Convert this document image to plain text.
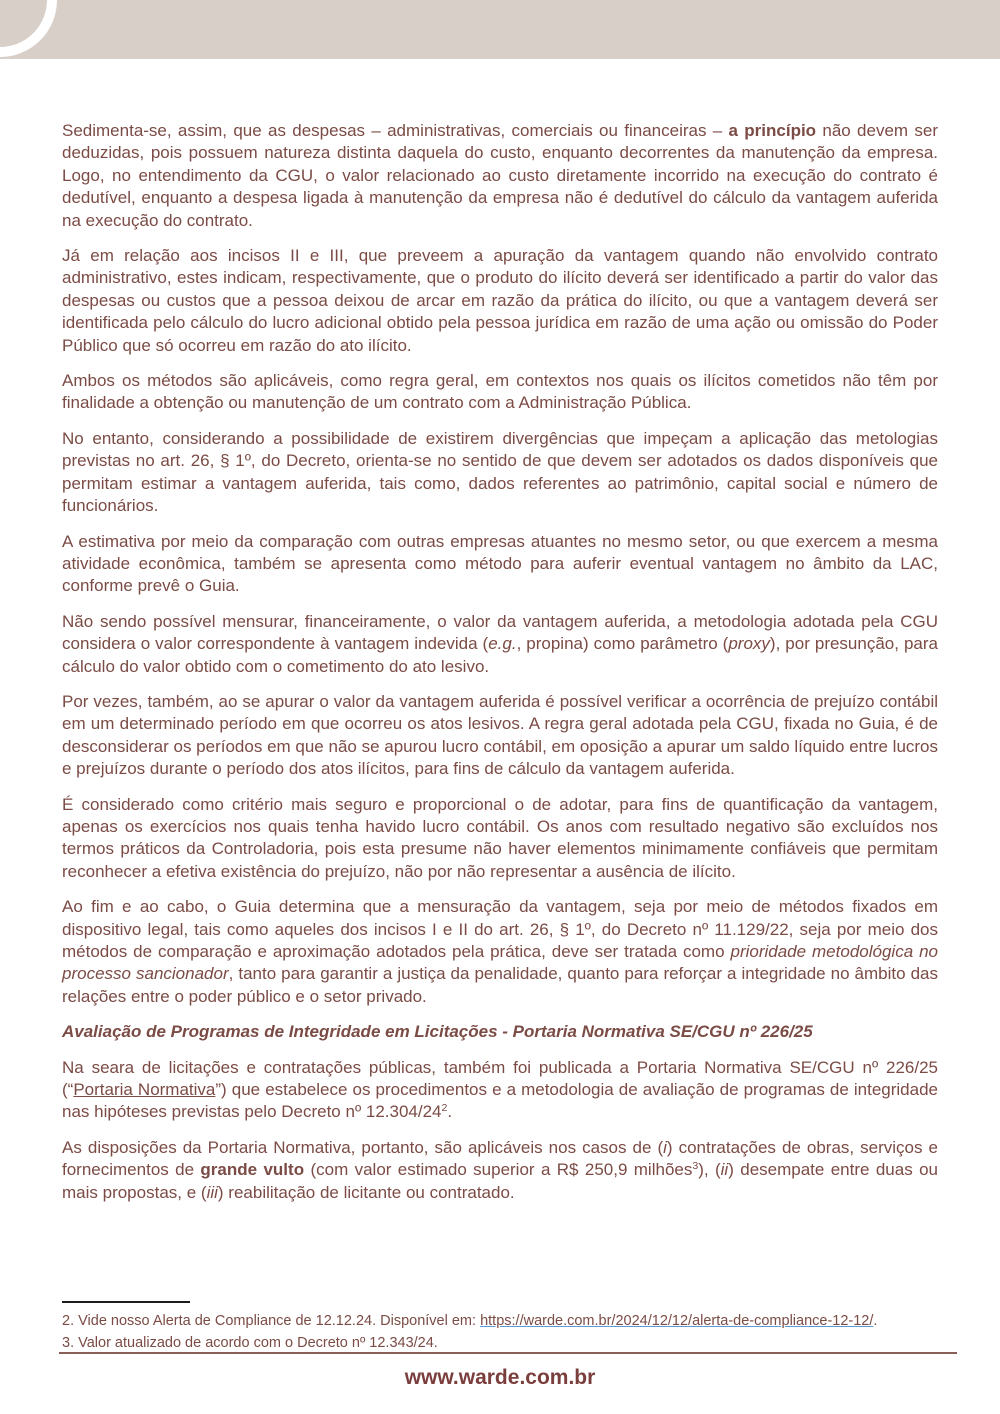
Sedimenta-se, assim, que as despesas – administrativas, comerciais ou financeiras – a princípio não devem ser deduzidas, pois possuem natureza distinta daquela do custo, enquanto decorrentes da manutenção da empresa. Logo, no entendimento da CGU, o valor relacionado ao custo diretamente incorrido na execução do contrato é dedutível, enquanto a despesa ligada à manutenção da empresa não é dedutível do cálculo da vantagem auferida na execução do contrato.

Já em relação aos incisos II e III, que preveem a apuração da vantagem quando não envolvido contrato administrativo, estes indicam, respectivamente, que o produto do ilícito deverá ser identificado a partir do valor das despesas ou custos que a pessoa deixou de arcar em razão da prática do ilícito, ou que a vantagem deverá ser identificada pelo cálculo do lucro adicional obtido pela pessoa jurídica em razão de uma ação ou omissão do Poder Público que só ocorreu em razão do ato ilícito.

Ambos os métodos são aplicáveis, como regra geral, em contextos nos quais os ilícitos cometidos não têm por finalidade a obtenção ou manutenção de um contrato com a Administração Pública.

No entanto, considerando a possibilidade de existirem divergências que impeçam a aplicação das metologias previstas no art. 26, § 1º, do Decreto, orienta-se no sentido de que devem ser adotados os dados disponíveis que permitam estimar a vantagem auferida, tais como, dados referentes ao patrimônio, capital social e número de funcionários.

A estimativa por meio da comparação com outras empresas atuantes no mesmo setor, ou que exercem a mesma atividade econômica, também se apresenta como método para auferir eventual vantagem no âmbito da LAC, conforme prevê o Guia.

Não sendo possível mensurar, financeiramente, o valor da vantagem auferida, a metodologia adotada pela CGU considera o valor correspondente à vantagem indevida (e.g., propina) como parâmetro (proxy), por presunção, para cálculo do valor obtido com o cometimento do ato lesivo.

Por vezes, também, ao se apurar o valor da vantagem auferida é possível verificar a ocorrência de prejuízo contábil em um determinado período em que ocorreu os atos lesivos. A regra geral adotada pela CGU, fixada no Guia, é de desconsiderar os períodos em que não se apurou lucro contábil, em oposição a apurar um saldo líquido entre lucros e prejuízos durante o período dos atos ilícitos, para fins de cálculo da vantagem auferida.

É considerado como critério mais seguro e proporcional o de adotar, para fins de quantificação da vantagem, apenas os exercícios nos quais tenha havido lucro contábil. Os anos com resultado negativo são excluídos nos termos práticos da Controladoria, pois esta presume não haver elementos minimamente confiáveis que permitam reconhecer a efetiva existência do prejuízo, não por não representar a ausência de ilícito.

Ao fim e ao cabo, o Guia determina que a mensuração da vantagem, seja por meio de métodos fixados em dispositivo legal, tais como aqueles dos incisos I e II do art. 26, § 1º, do Decreto nº 11.129/22, seja por meio dos métodos de comparação e aproximação adotados pela prática, deve ser tratada como prioridade metodológica no processo sancionador, tanto para garantir a justiça da penalidade, quanto para reforçar a integridade no âmbito das relações entre o poder público e o setor privado.

Avaliação de Programas de Integridade em Licitações - Portaria Normativa SE/CGU nº 226/25

Na seara de licitações e contratações públicas, também foi publicada a Portaria Normativa SE/CGU nº 226/25 (“Portaria Normativa”) que estabelece os procedimentos e a metodologia de avaliação de programas de integridade nas hipóteses previstas pelo Decreto nº $12.304/24^2$.

As disposições da Portaria Normativa, portanto, são aplicáveis nos casos de (i) contratações de obras, serviços e fornecimentos de grande vulto (com valor estimado superior a R$ 250,9 milhões$^3$), (ii) desempate entre duas ou mais propostas, e (iii) reabilitação de licitante ou contratado.

2. Vide nosso Alerta de Compliance de 12.12.24. Disponível em: https://warde.com.br/2024/12/12/alerta-de-compliance-12-12/.
3. Valor atualizado de acordo com o Decreto nº 12.343/24.
www.warde.com.br
